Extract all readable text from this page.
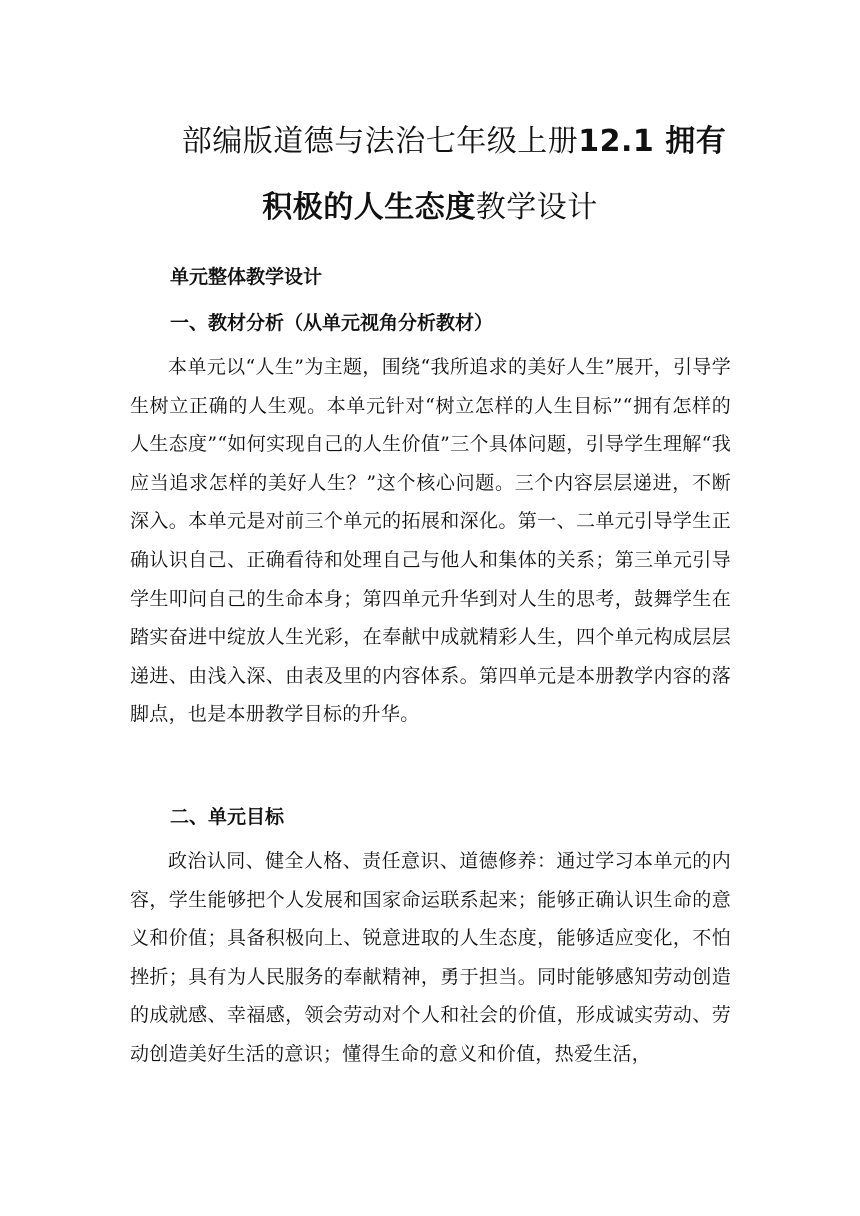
部编版道德与法治七年级上册12.1 拥有
积极的人生态度教学设计
单元整体教学设计
一、教材分析（从单元视角分析教材）

本单元以“人生”为主题，围绕“我所追求的美好人生”展开，引导学生树立正确的人生观。本单元针对“树立怎样的人生目标”“拥有怎样的人生态度”“如何实现自己的人生价值”三个具体问题，引导学生理解“我应当追求怎样的美好人生？”这个核心问题。三个内容层层递进，不断深入。本单元是对前三个单元的拓展和深化。第一、二单元引导学生正确认识自己、正确看待和处理自己与他人和集体的关系；第三单元引导学生叩问自己的生命本身；第四单元升华到对人生的思考，鼓舞学生在踏实奋进中绽放人生光彩，在奉献中成就精彩人生，四个单元构成层层递进、由浅入深、由表及里的内容体系。第四单元是本册教学内容的落脚点，也是本册教学目标的升华。

二、单元目标

政治认同、健全人格、责任意识、道德修养：通过学习本单元的内容，学生能够把个人发展和国家命运联系起来；能够正确认识生命的意义和价值；具备积极向上、锐意进取的人生态度，能够适应变化，不怕挫折；具有为人民服务的奉献精神，勇于担当。同时能够感知劳动创造的成就感、幸福感，领会劳动对个人和社会的价值，形成诚实劳动、劳动创造美好生活的意识；懂得生命的意义和价值，热爱生活，
